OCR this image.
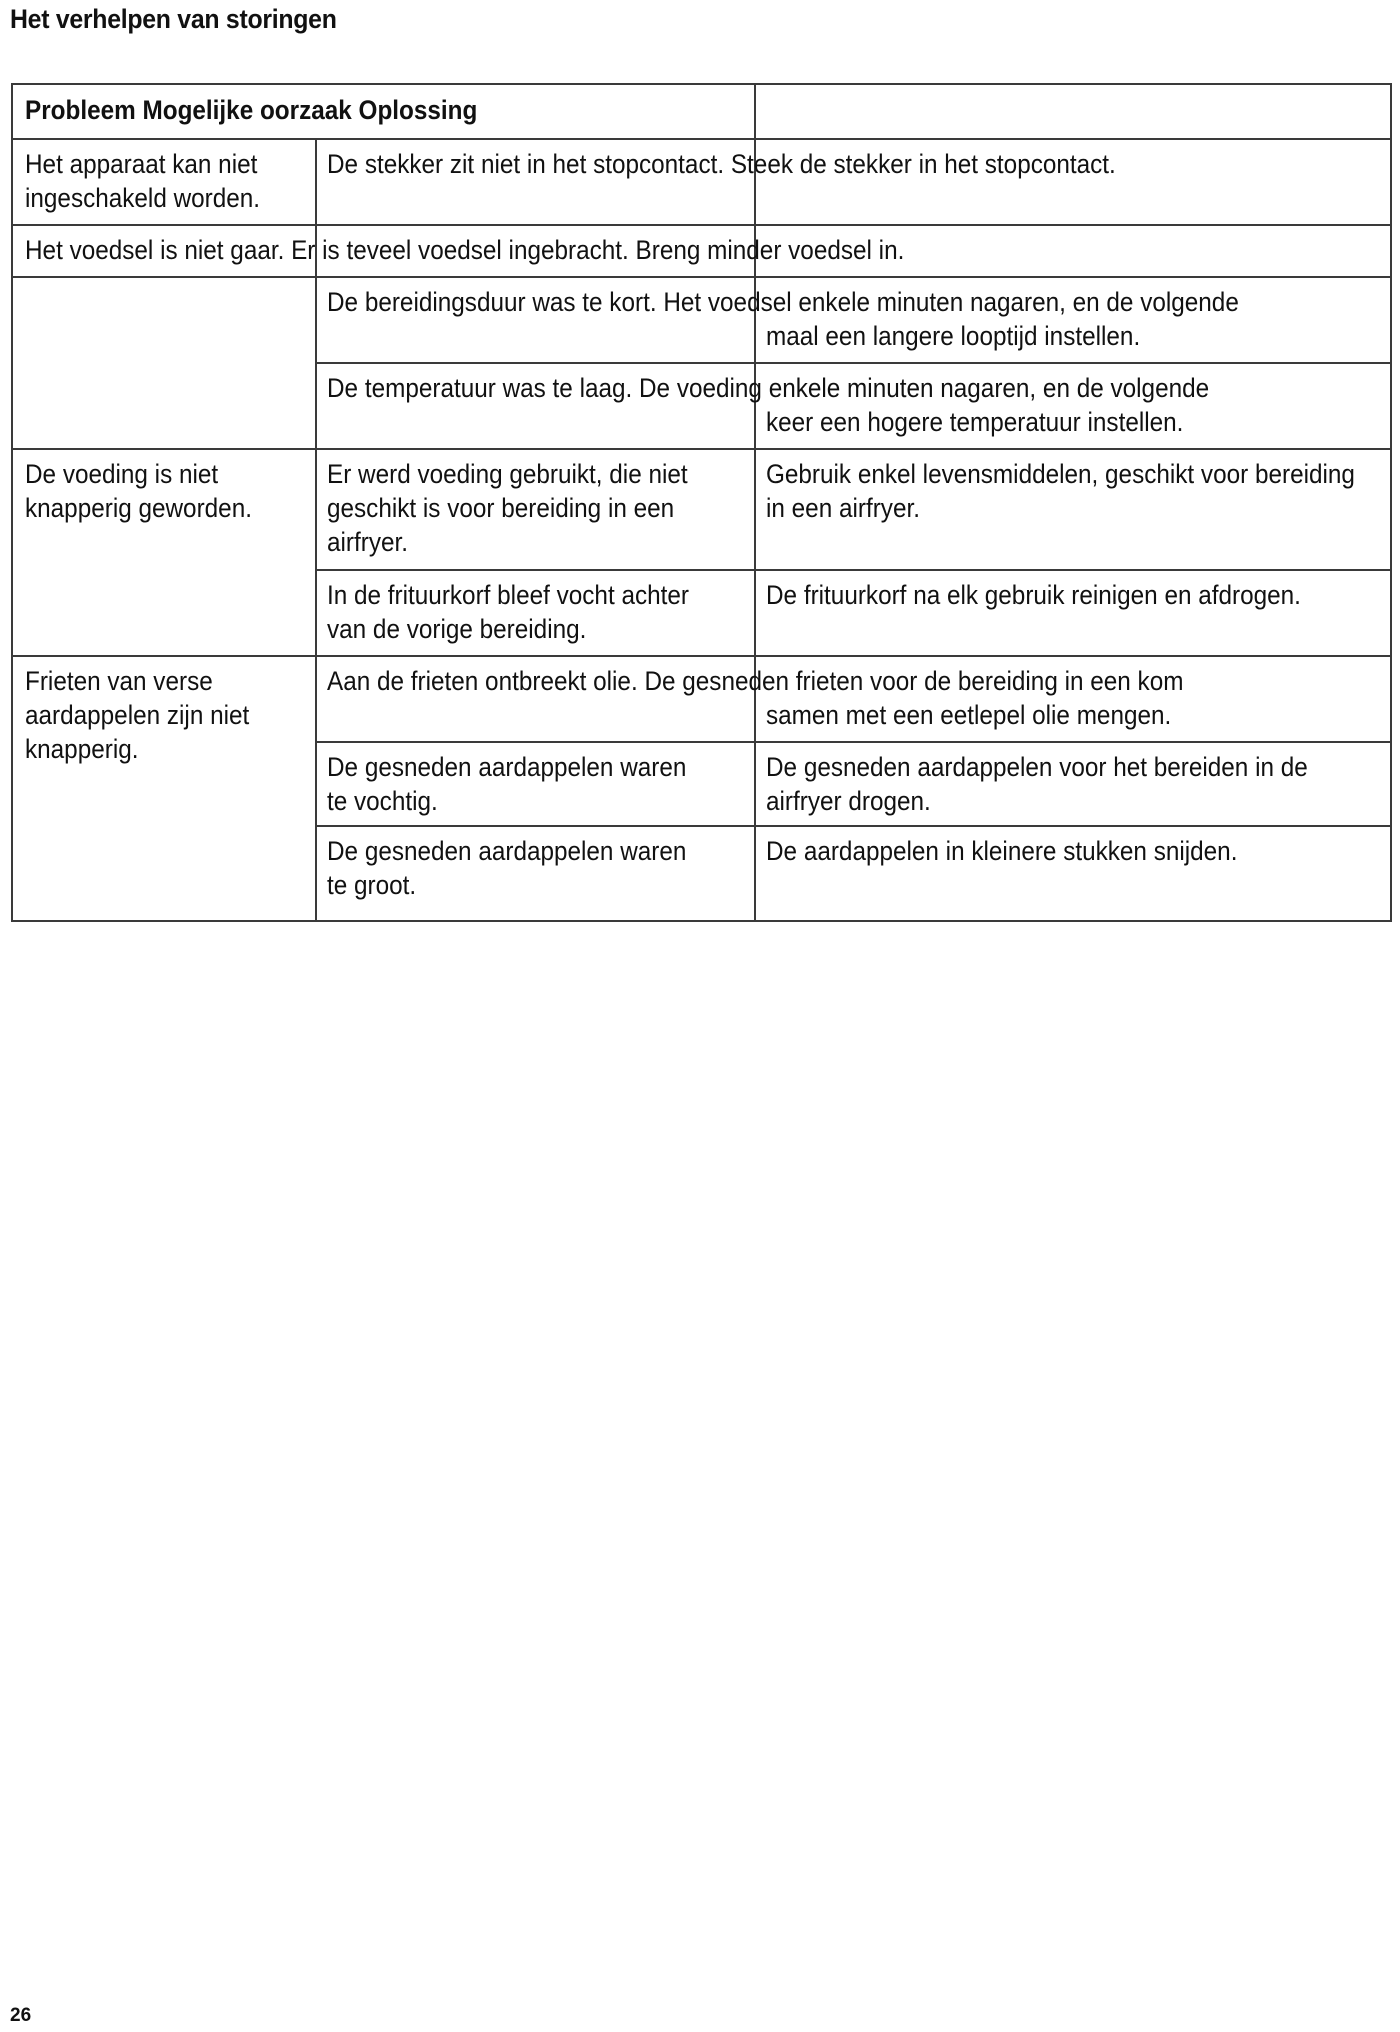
Het verhelpen van storingen
Probleem Mogelijke oorzaak Oplossing
Het apparaat kan niet
ingeschakeld worden.
De stekker zit niet in het stopcontact. Steek de stekker in het stopcontact.
Het voedsel is niet gaar. Er is teveel voedsel ingebracht. Breng minder voedsel in.
De bereidingsduur was te kort. Het voedsel enkele minuten nagaren, en de volgende
maal een langere looptijd instellen.
De temperatuur was te laag. De voeding enkele minuten nagaren, en de volgende
keer een hogere temperatuur instellen.
De voeding is niet
knapperig geworden.
Er werd voeding gebruikt, die niet
geschikt is voor bereiding in een
airfryer.
Gebruik enkel levensmiddelen, geschikt voor bereiding
in een airfryer.
In de frituurkorf bleef vocht achter
van de vorige bereiding.
De frituurkorf na elk gebruik reinigen en afdrogen.
Frieten van verse
aardappelen zijn niet
knapperig.
Aan de frieten ontbreekt olie. De gesneden frieten voor de bereiding in een kom
samen met een eetlepel olie mengen.
De gesneden aardappelen waren
te vochtig.
De gesneden aardappelen voor het bereiden in de
airfryer drogen.
De gesneden aardappelen waren
te groot.
De aardappelen in kleinere stukken snijden.
26
